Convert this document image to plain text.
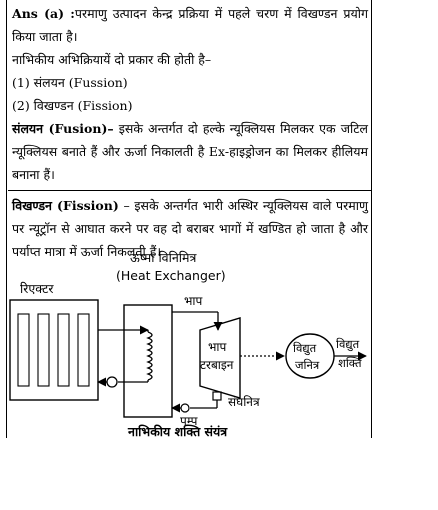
Ans (a) :परमाणु उत्पादन केन्द्र प्रक्रिया में पहले चरण में विखण्डन प्रयोग किया जाता है।
नाभिकीय अभिक्रियायें दो प्रकार की होती है–
(1) संलयन (Fussion)
(2) विखण्डन (Fission)
संलयन (Fusion)– इसके अन्तर्गत दो हल्के न्यूक्लियस मिलकर एक जटिल न्यूक्लियस बनाते हैं और ऊर्जा निकालती है Ex-हाइड्रोजन का मिलकर हीलियम बनाना हैं।
विखण्डन (Fission) – इसके अन्तर्गत भारी अस्थिर न्यूक्लियस वाले परमाणु पर न्यूट्रॉन से आघात करने पर वह दो बराबर भागों में खण्डित हो जाता है और पर्याप्त मात्रा में ऊर्जा निकलती हैं।
रिएक्टर
ऊष्मा विनिमित्र
(Heat Exchanger)
भाप
भाप
टरबाइन
विद्युत
जनित्र
विद्युत
शक्ति
संघनित्र
पम्प
नाभिकीय शक्ति संयंत्र
